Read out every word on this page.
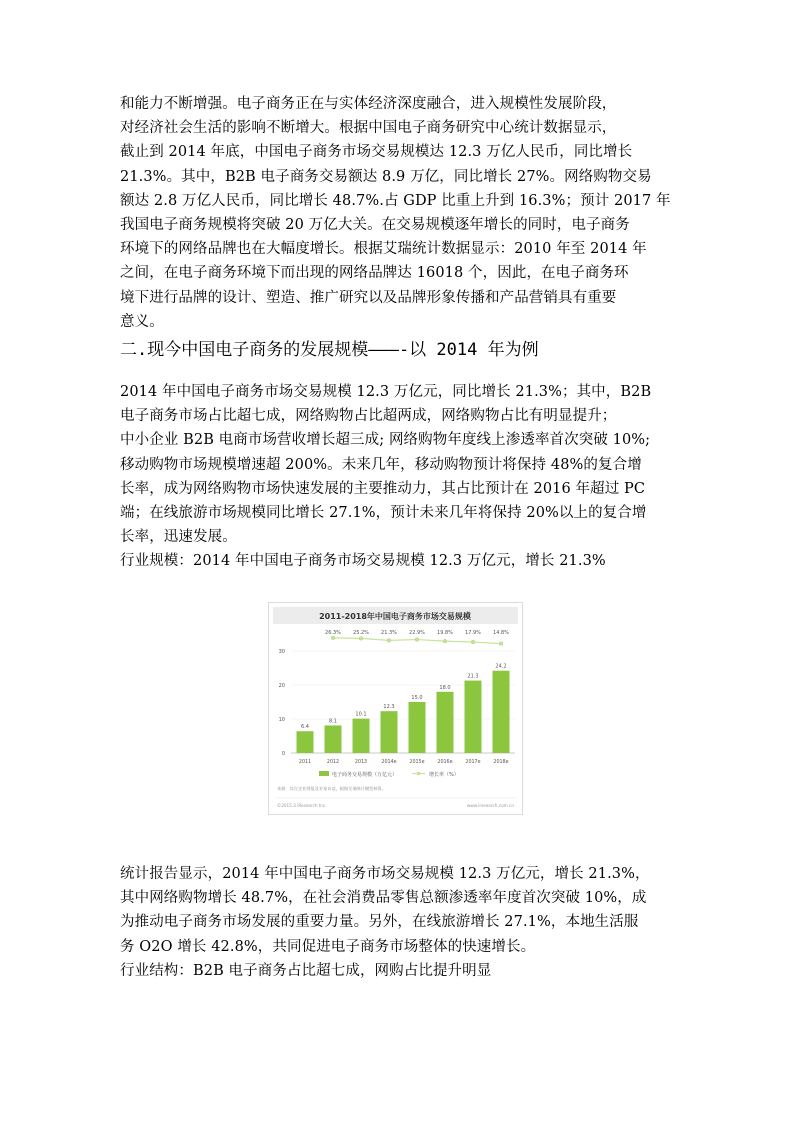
和能力不断增强。电子商务正在与实体经济深度融合，进入规模性发展阶段，
对经济社会生活的影响不断增大。根据中国电子商务研究中心统计数据显示，
截止到 2014 年底，中国电子商务市场交易规模达 12.3 万亿人民币，同比增长
21.3%。其中，B2B 电子商务交易额达 8.9 万亿，同比增长 27%。网络购物交易
额达 2.8 万亿人民币，同比增长 48.7%.占 GDP 比重上升到 16.3%；预计 2017 年
我国电子商务规模将突破 20 万亿大关。在交易规模逐年增长的同时，电子商务
环境下的网络品牌也在大幅度增长。根据艾瑞统计数据显示：2010 年至 2014 年
之间，在电子商务环境下而出现的网络品牌达 16018 个，因此，在电子商务环
境下进行品牌的设计、塑造、推广研究以及品牌形象传播和产品营销具有重要
意义。

二.现今中国电子商务的发展规模———-以 2014 年为例

2014 年中国电子商务市场交易规模 12.3 万亿元，同比增长 21.3%；其中，B2B
电子商务市场占比超七成，网络购物占比超两成，网络购物占比有明显提升；
中小企业 B2B 电商市场营收增长超三成; 网络购物年度线上渗透率首次突破 10%;
移动购物市场规模增速超 200%。未来几年，移动购物预计将保持 48%的复合增
长率，成为网络购物市场快速发展的主要推动力，其占比预计在 2016 年超过 PC
端；在线旅游市场规模同比增长 27.1%，预计未来几年将保持 20%以上的复合增
长率，迅速发展。
行业规模：2014 年中国电子商务市场交易规模 12.3 万亿元，增长 21.3%

2011-2018年中国电子商务市场交易规模
0
10
20
30
6.4
2011
8.1
2012
10.1
2013
12.3
2014e
15.0
2015e
18.0
2016e
21.3
2017e
24.2
2018e
26.3% 25.2% 21.3% 22.9% 19.8% 17.9% 14.8%
电子商务交易规模（万亿元）	增长率（%）
来源：综合企业财报及专家访谈，根据艾瑞统计模型核算。
©2015.3 iResearch Inc.	www.iresearch.com.cn

统计报告显示，2014 年中国电子商务市场交易规模 12.3 万亿元，增长 21.3%，
其中网络购物增长 48.7%，在社会消费品零售总额渗透率年度首次突破 10%，成
为推动电子商务市场发展的重要力量。另外，在线旅游增长 27.1%，本地生活服
务 O2O 增长 42.8%，共同促进电子商务市场整体的快速增长。
行业结构：B2B 电子商务占比超七成，网购占比提升明显
